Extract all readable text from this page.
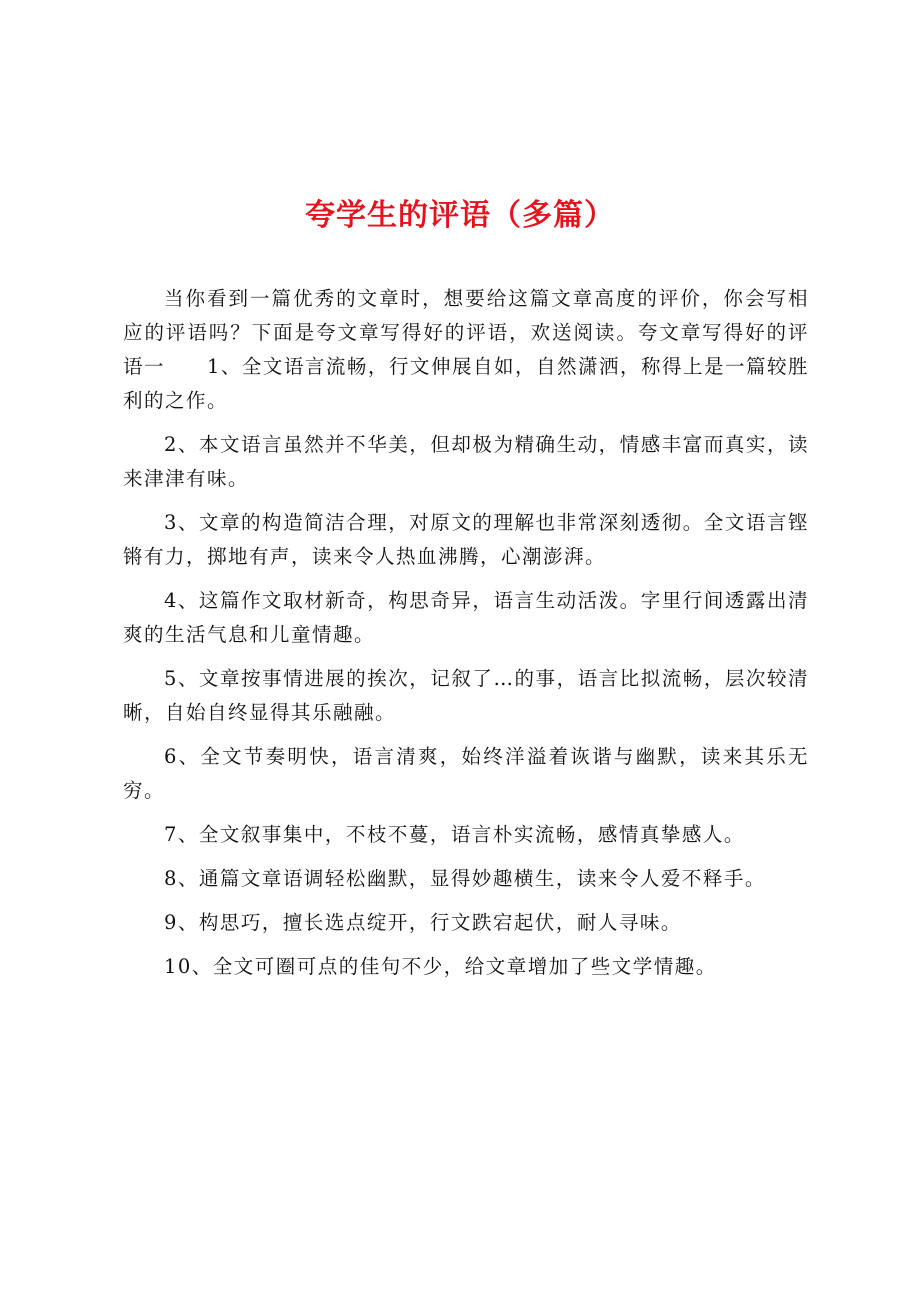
夸学生的评语（多篇）

当你看到一篇优秀的文章时，想要给这篇文章高度的评价，你会写相应的评语吗？下面是夸文章写得好的评语，欢送阅读。夸文章写得好的评语一　　1、全文语言流畅，行文伸展自如，自然潇洒，称得上是一篇较胜利的之作。

2、本文语言虽然并不华美，但却极为精确生动，情感丰富而真实，读来津津有味。

3、文章的构造简洁合理，对原文的理解也非常深刻透彻。全文语言铿锵有力，掷地有声，读来令人热血沸腾，心潮澎湃。

4、这篇作文取材新奇，构思奇异，语言生动活泼。字里行间透露出清爽的生活气息和儿童情趣。

5、文章按事情进展的挨次，记叙了…的事，语言比拟流畅，层次较清晰，自始自终显得其乐融融。

6、全文节奏明快，语言清爽，始终洋溢着诙谐与幽默，读来其乐无穷。

7、全文叙事集中，不枝不蔓，语言朴实流畅，感情真挚感人。

8、通篇文章语调轻松幽默，显得妙趣横生，读来令人爱不释手。

9、构思巧，擅长选点绽开，行文跌宕起伏，耐人寻味。

10、全文可圈可点的佳句不少，给文章增加了些文学情趣。
